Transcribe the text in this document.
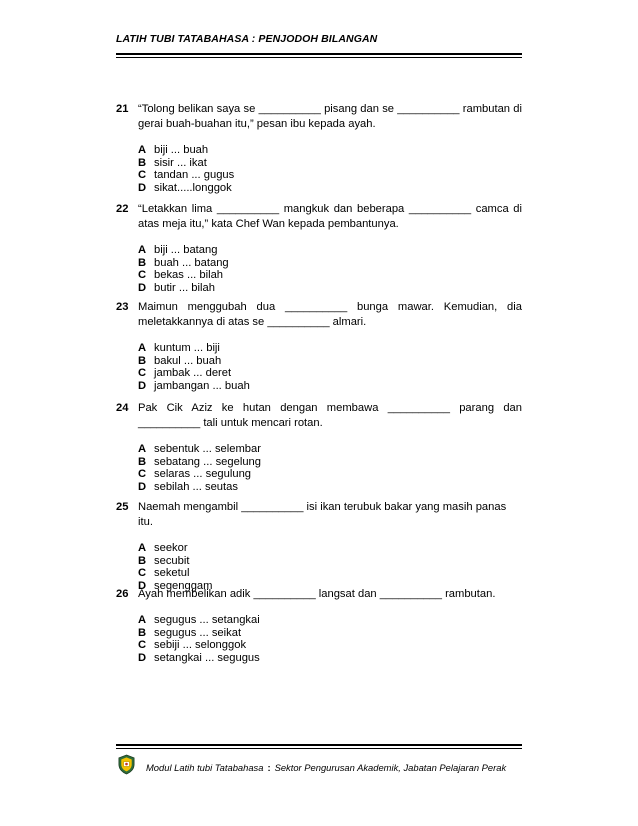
LATIH TUBI TATABAHASA : PENJODOH BILANGAN
21 “Tolong belikan saya se __________ pisang dan se __________ rambutan di gerai buah-buahan itu,” pesan ibu kepada ayah.
A biji ... buah
B sisir ... ikat
C tandan ... gugus
D sikat.....longgok
22 “Letakkan lima __________ mangkuk dan beberapa __________ camca di atas meja itu,” kata Chef Wan kepada pembantunya.
A biji ... batang
B buah ... batang
C bekas ... bilah
D butir ... bilah
23 Maimun menggubah dua __________ bunga mawar. Kemudian, dia meletakkannya di atas se __________ almari.
A kuntum ... biji
B bakul ... buah
C jambak ... deret
D jambangan ... buah
24 Pak Cik Aziz ke hutan dengan membawa __________ parang dan __________ tali untuk mencari rotan.
A sebentuk ... selembar
B sebatang ... segelung
C selaras ... segulung
D sebilah ... seutas
25 Naemah mengambil __________ isi ikan terubuk bakar yang masih panas itu.
A seekor
B secubit
C seketul
D segenggam
26 Ayah membelikan adik __________ langsat dan __________ rambutan.
A segugus ... setangkai
B segugus ... seikat
C sebiji ... selonggok
D setangkai ... segugus
Modul Latih tubi Tatabahasa : Sektor Pengurusan Akademik, Jabatan Pelajaran Perak
